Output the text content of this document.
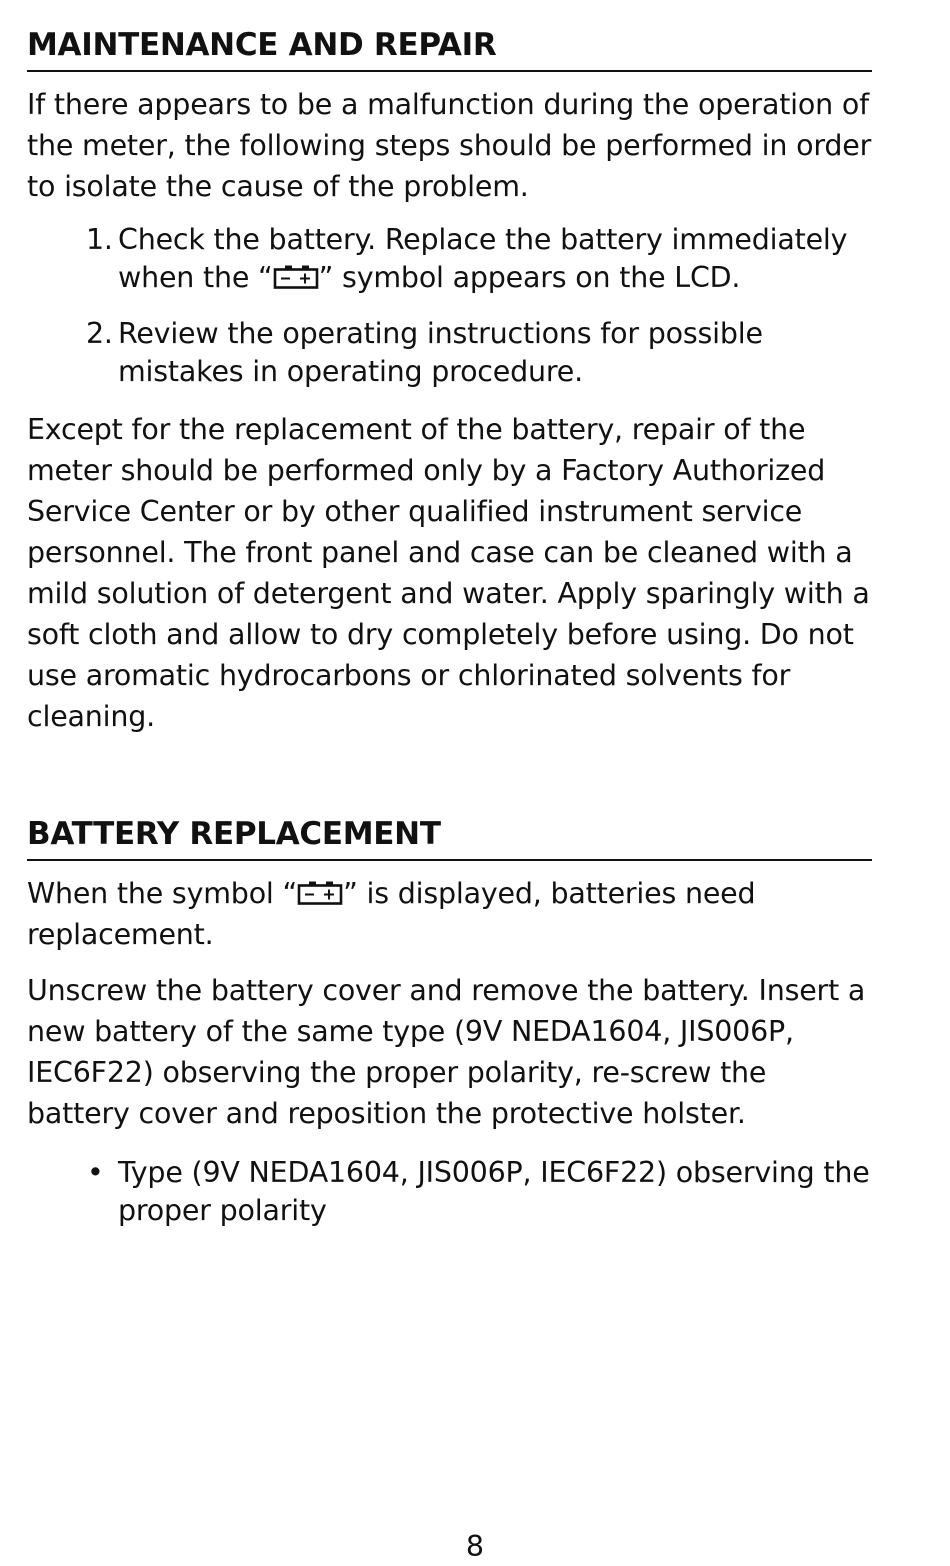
MAINTENANCE AND REPAIR

If there appears to be a malfunction during the operation of the meter, the following steps should be performed in order to isolate the cause of the problem.

1. Check the battery. Replace the battery immediately when the “ ” symbol appears on the LCD.
2. Review the operating instructions for possible mistakes in operating procedure.

Except for the replacement of the battery, repair of the meter should be performed only by a Factory Authorized Service Center or by other qualified instrument service personnel. The front panel and case can be cleaned with a mild solution of detergent and water. Apply sparingly with a soft cloth and allow to dry completely before using. Do not use aromatic hydrocarbons or chlorinated solvents for cleaning.

BATTERY REPLACEMENT

When the symbol “ ” is displayed, batteries need replacement.

Unscrew the battery cover and remove the battery. Insert a new battery of the same type (9V NEDA1604, JIS006P, IEC6F22) observing the proper polarity, re-screw the battery cover and reposition the protective holster.

• Type (9V NEDA1604, JIS006P, IEC6F22) observing the proper polarity
8
